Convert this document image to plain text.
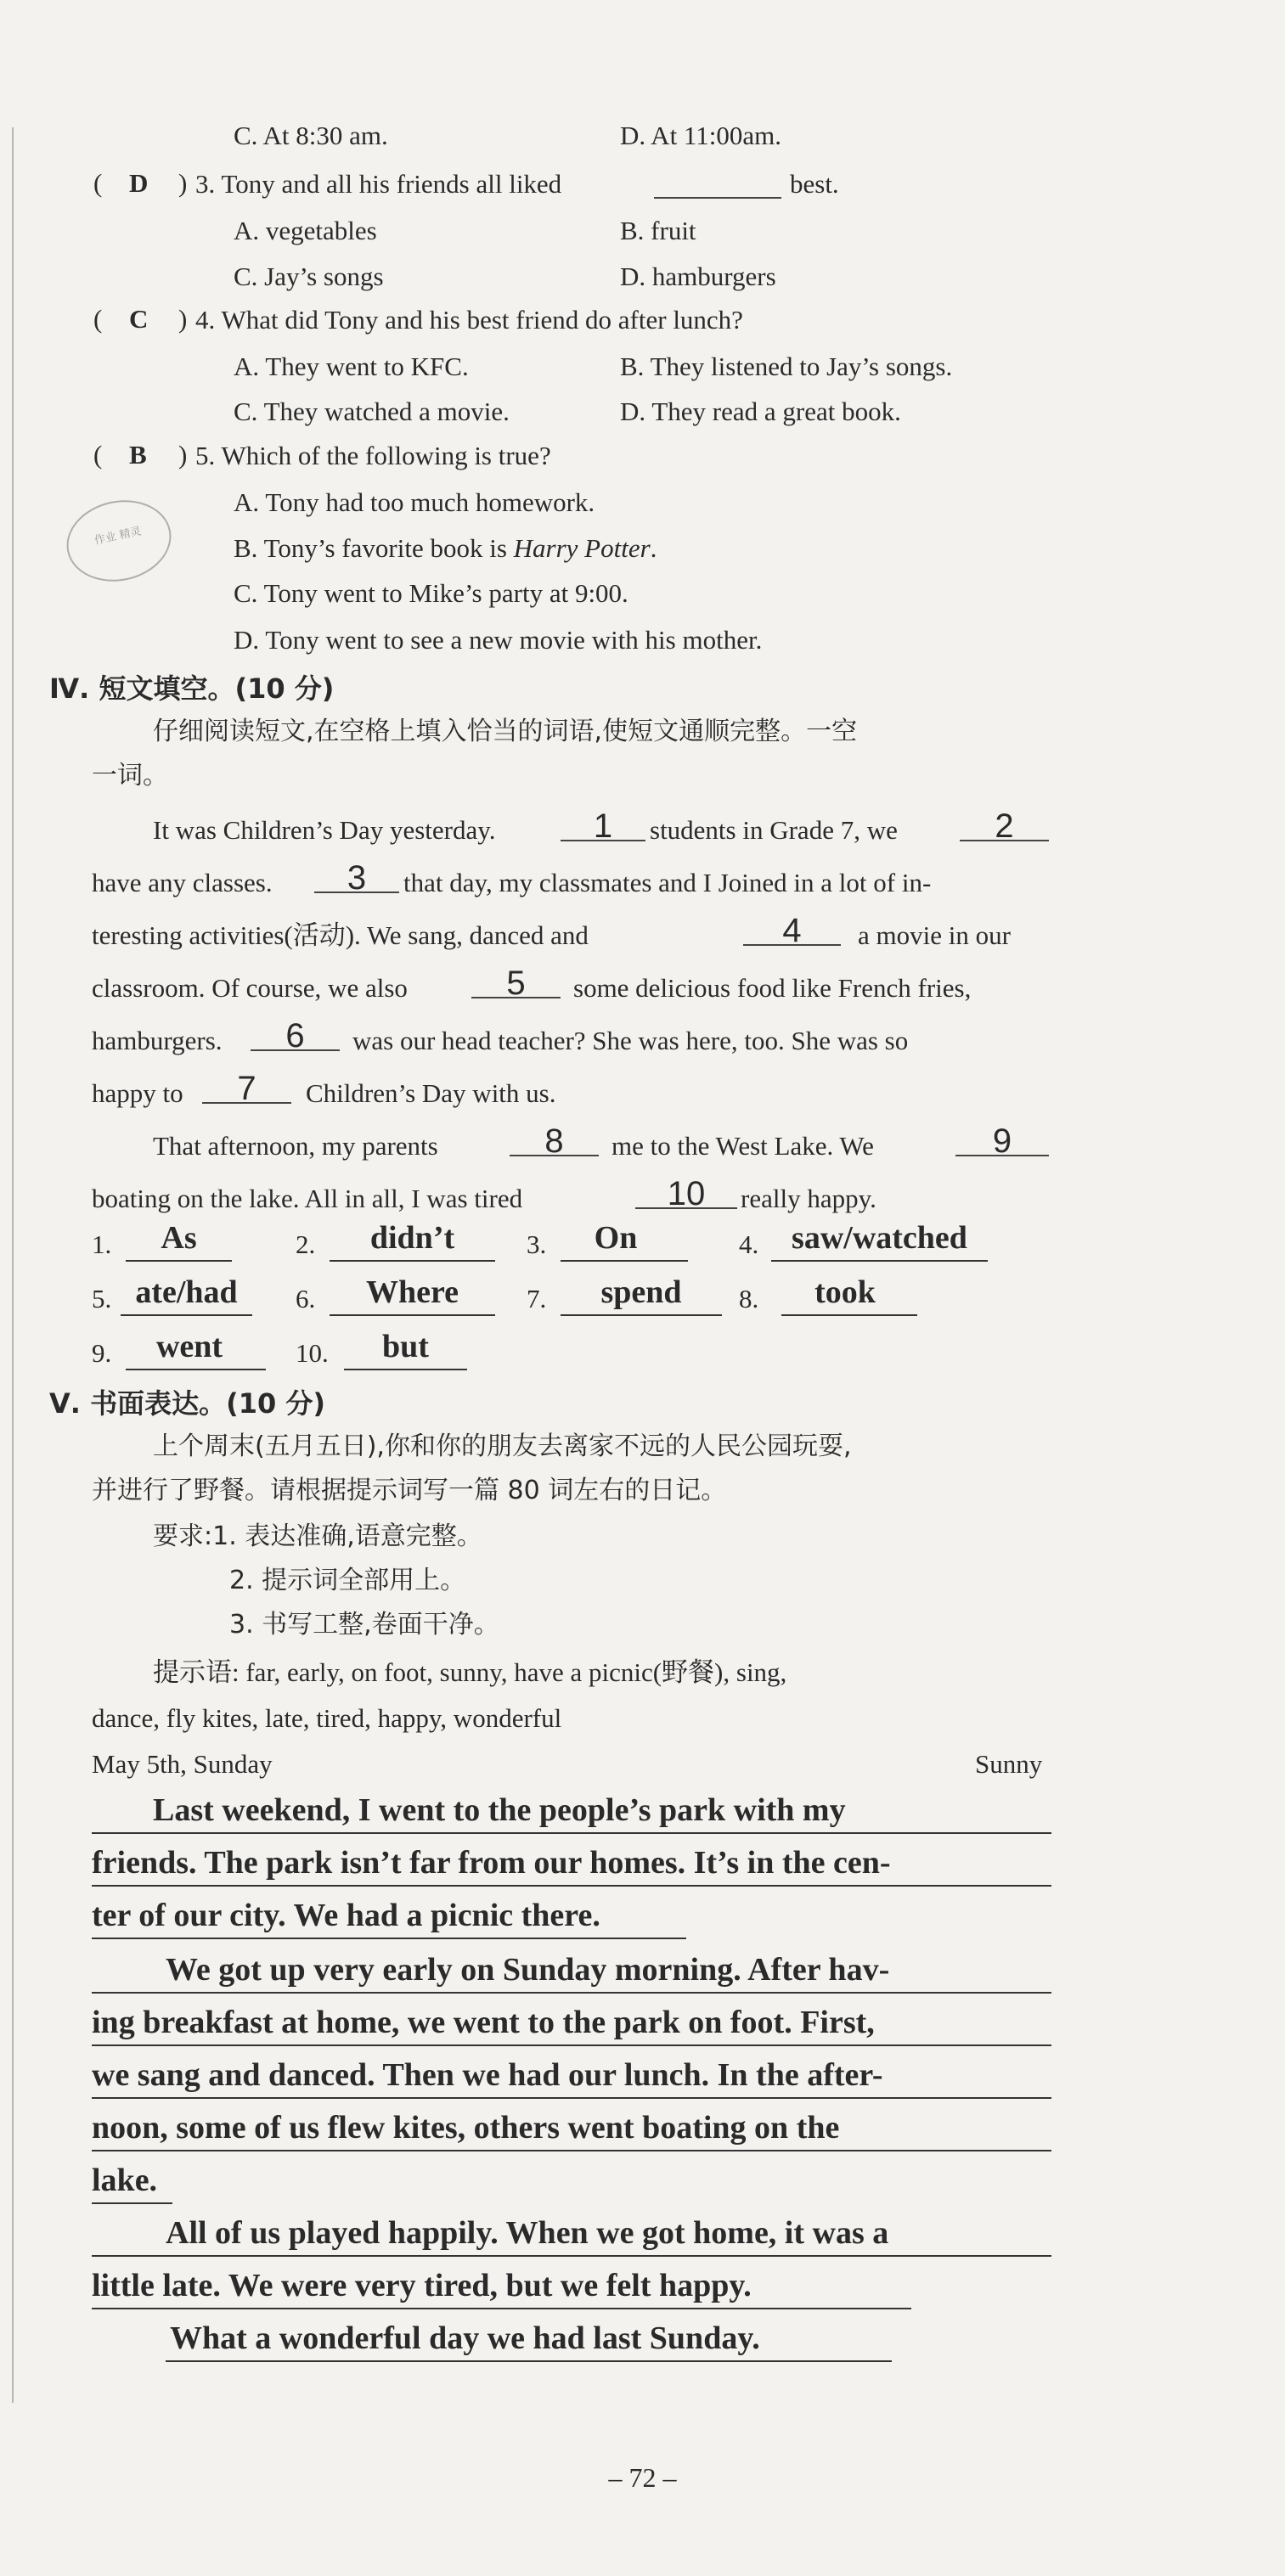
C. At 8:30 am.	D. At 11:00am.
( D ) 3. Tony and all his friends all liked	best.
A. vegetables	B. fruit
C. Jay’s songs	D. hamburgers
( C ) 4. What did Tony and his best friend do after lunch?
A. They went to KFC.	B. They listened to Jay’s songs.
C. They watched a movie.	D. They read a great book.
( B ) 5. Which of the following is true?
作业 精灵
A. Tony had too much homework.
B. Tony’s favorite book is Harry Potter.
C. Tony went to Mike’s party at 9:00.
D. Tony went to see a new movie with his mother.
Ⅳ. 短文填空。(10 分)
仔细阅读短文,在空格上填入恰当的词语,使短文通顺完整。一空
一词。
It was Children’s Day yesterday.	1	students in Grade 7, we	2
have any classes.	3	that day, my classmates and I Joined in a lot of in-
teresting activities(活动). We sang, danced and	4	a movie in our
classroom. Of course, we also	5	some delicious food like French fries,
hamburgers.	6	was our head teacher? She was here, too. She was so
happy to	7	Children’s Day with us.
That afternoon, my parents	8	me to the West Lake. We	9
boating on the lake. All in all, I was tired	10	really happy.
1.	As	2.	didn’t	3.	On	4.	saw/watched
5. ate/had	6.	Where	7.	spend	8.	took
9.	went	10.	but
Ⅴ. 书面表达。(10 分)
上个周末(五月五日),你和你的朋友去离家不远的人民公园玩耍,
并进行了野餐。请根据提示词写一篇 80 词左右的日记。
要求:1. 表达准确,语意完整。
2. 提示词全部用上。
3. 书写工整,卷面干净。
提示语: far, early, on foot, sunny, have a picnic(野餐), sing,
dance, fly kites, late, tired, happy, wonderful
May 5th, Sunday	Sunny
Last weekend, I went to the people’s park with my
friends. The park isn’t far from our homes. It’s in the cen-
ter of our city. We had a picnic there.
We got up very early on Sunday morning. After hav-
ing breakfast at home, we went to the park on foot. First,
we sang and danced. Then we had our lunch. In the after-
noon, some of us flew kites, others went boating on the
lake.
All of us played happily. When we got home, it was a
little late. We were very tired, but we felt happy.
What a wonderful day we had last Sunday.
– 72 –
